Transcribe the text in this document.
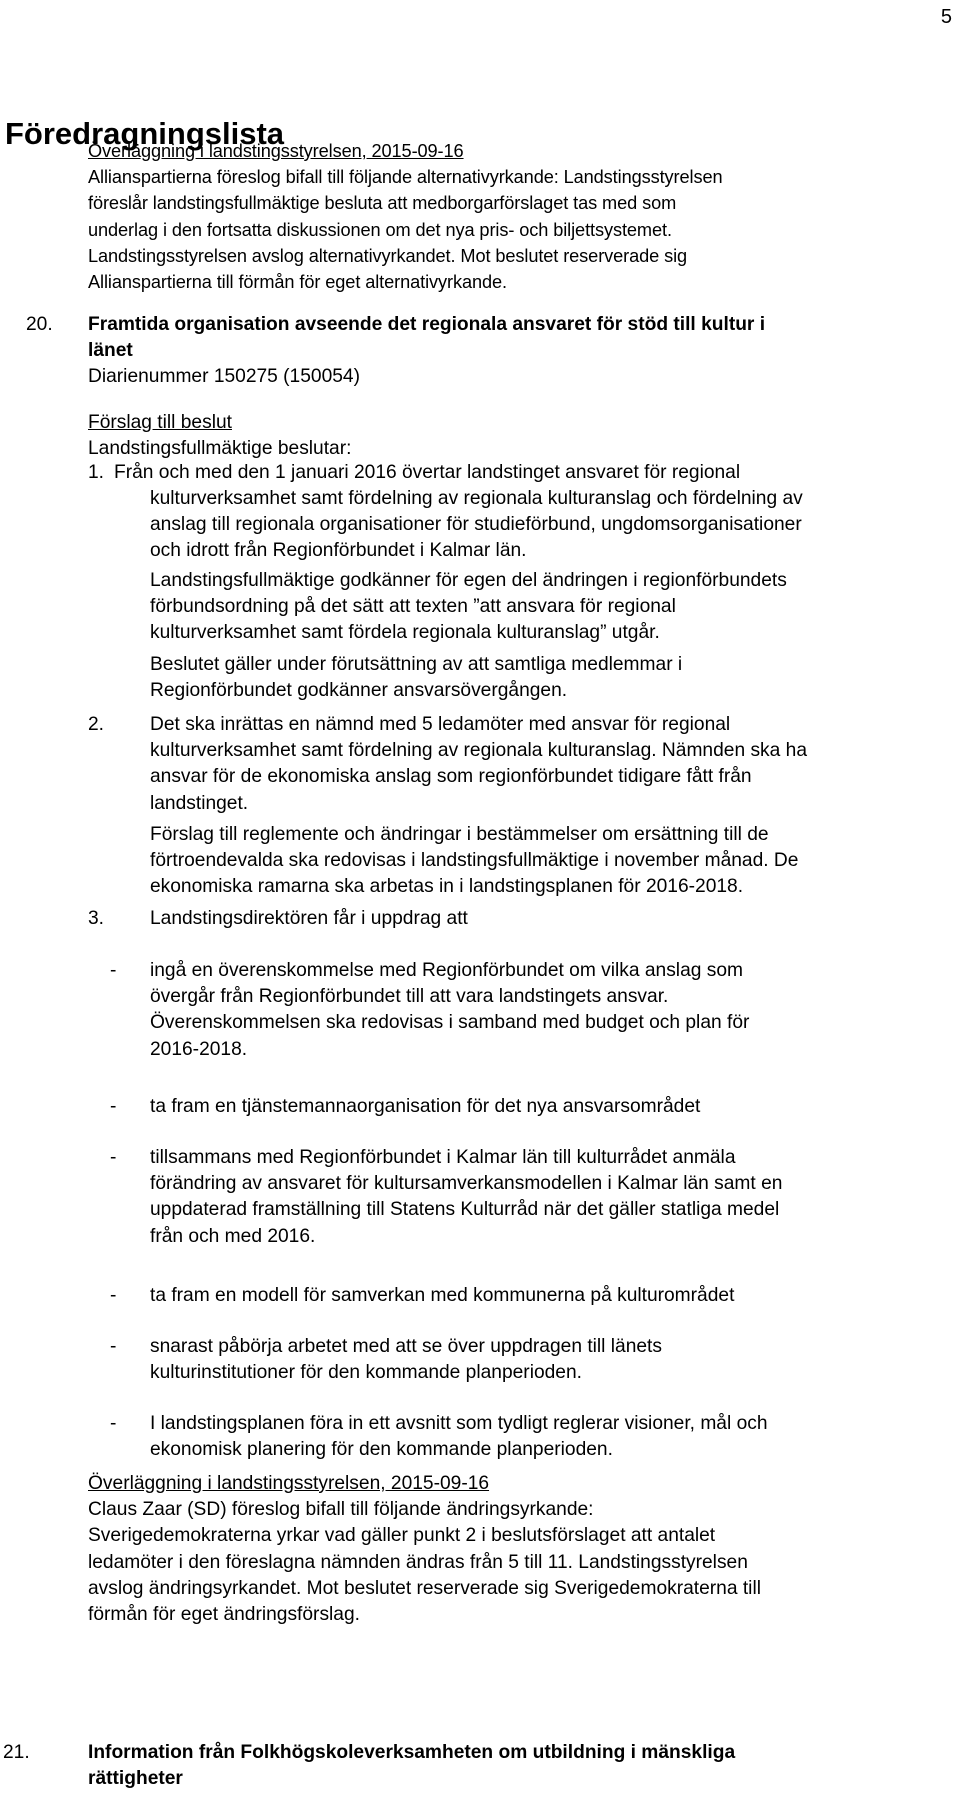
5
Föredragningslista
Överläggning i landstingsstyrelsen, 2015-09-16
Allianspartierna föreslog bifall till följande alternativyrkande: Landstingsstyrelsen
föreslår landstingsfullmäktige besluta att medborgarförslaget tas med som
underlag i den fortsatta diskussionen om det nya pris- och biljettsystemet.
Landstingsstyrelsen avslog alternativyrkandet. Mot beslutet reserverade sig
Allianspartierna till förmån för eget alternativyrkande.
20. Framtida organisation avseende det regionala ansvaret för stöd till kultur i
länet
Diarienummer 150275 (150054)
Förslag till beslut
Landstingsfullmäktige beslutar:
1. Från och med den 1 januari 2016 övertar landstinget ansvaret för regional
kulturverksamhet samt fördelning av regionala kulturanslag och fördelning av
anslag till regionala organisationer för studieförbund, ungdomsorganisationer
och idrott från Regionförbundet i Kalmar län.
Landstingsfullmäktige godkänner för egen del ändringen i regionförbundets
förbundsordning på det sätt att texten ”att ansvara för regional
kulturverksamhet samt fördela regionala kulturanslag” utgår.
Beslutet gäller under förutsättning av att samtliga medlemmar i
Regionförbundet godkänner ansvarsövergången.
2. Det ska inrättas en nämnd med 5 ledamöter med ansvar för regional
kulturverksamhet samt fördelning av regionala kulturanslag. Nämnden ska ha
ansvar för de ekonomiska anslag som regionförbundet tidigare fått från
landstinget.
Förslag till reglemente och ändringar i bestämmelser om ersättning till de
förtroendevalda ska redovisas i landstingsfullmäktige i november månad. De
ekonomiska ramarna ska arbetas in i landstingsplanen för 2016-2018.
3. Landstingsdirektören får i uppdrag att
- ingå en överenskommelse med Regionförbundet om vilka anslag som
övergår från Regionförbundet till att vara landstingets ansvar.
Överenskommelsen ska redovisas i samband med budget och plan för
2016-2018.
- ta fram en tjänstemannaorganisation för det nya ansvarsområdet
- tillsammans med Regionförbundet i Kalmar län till kulturrådet anmäla
förändring av ansvaret för kultursamverkansmodellen i Kalmar län samt en
uppdaterad framställning till Statens Kulturråd när det gäller statliga medel
från och med 2016.
- ta fram en modell för samverkan med kommunerna på kulturområdet
- snarast påbörja arbetet med att se över uppdragen till länets
kulturinstitutioner för den kommande planperioden.
- I landstingsplanen föra in ett avsnitt som tydligt reglerar visioner, mål och
ekonomisk planering för den kommande planperioden.
Överläggning i landstingsstyrelsen, 2015-09-16
Claus Zaar (SD) föreslog bifall till följande ändringsyrkande:
Sverigedemokraterna yrkar vad gäller punkt 2 i beslutsförslaget att antalet
ledamöter i den föreslagna nämnden ändras från 5 till 11. Landstingsstyrelsen
avslog ändringsyrkandet. Mot beslutet reserverade sig Sverigedemokraterna till
förmån för eget ändringsförslag.
21.	Information från Folkhögskoleverksamheten om utbildning i mänskliga
rättigheter
